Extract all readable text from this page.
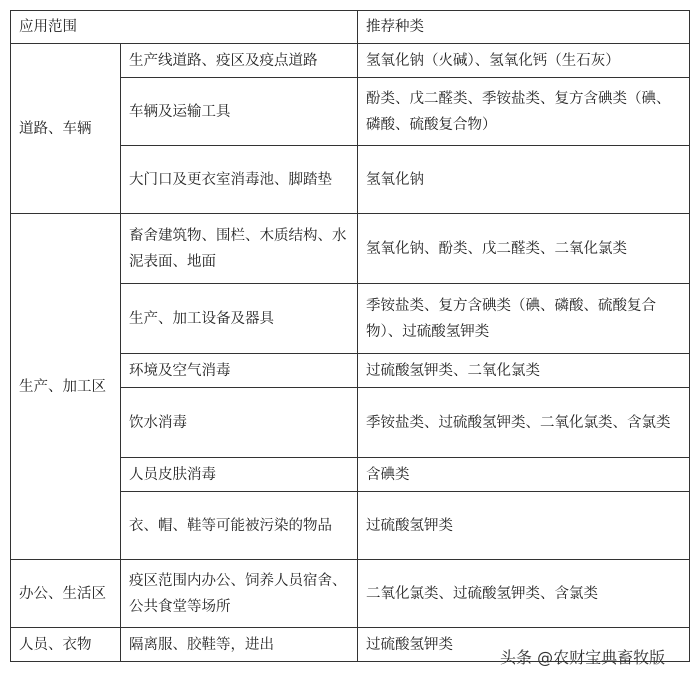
应用范围		推荐种类
道路、车辆	生产线道路、疫区及疫点道路	氢氧化钠（火碱）、氢氧化钙（生石灰）
	车辆及运输工具	酚类、戊二醛类、季铵盐类、复方含碘类（碘、磷酸、硫酸复合物）
	大门口及更衣室消毒池、脚踏垫	氢氧化钠
生产、加工区	畜舍建筑物、围栏、木质结构、水泥表面、地面	氢氧化钠、酚类、戊二醛类、二氧化氯类
	生产、加工设备及器具	季铵盐类、复方含碘类（碘、磷酸、硫酸复合物）、过硫酸氢钾类
	环境及空气消毒	过硫酸氢钾类、二氧化氯类
	饮水消毒	季铵盐类、过硫酸氢钾类、二氧化氯类、含氯类
	人员皮肤消毒	含碘类
	衣、帽、鞋等可能被污染的物品	过硫酸氢钾类
办公、生活区	疫区范围内办公、饲养人员宿舍、公共食堂等场所	二氧化氯类、过硫酸氢钾类、含氯类
人员、衣物	隔离服、胶鞋等，进出	过硫酸氢钾类
头条 @农财宝典畜牧版
